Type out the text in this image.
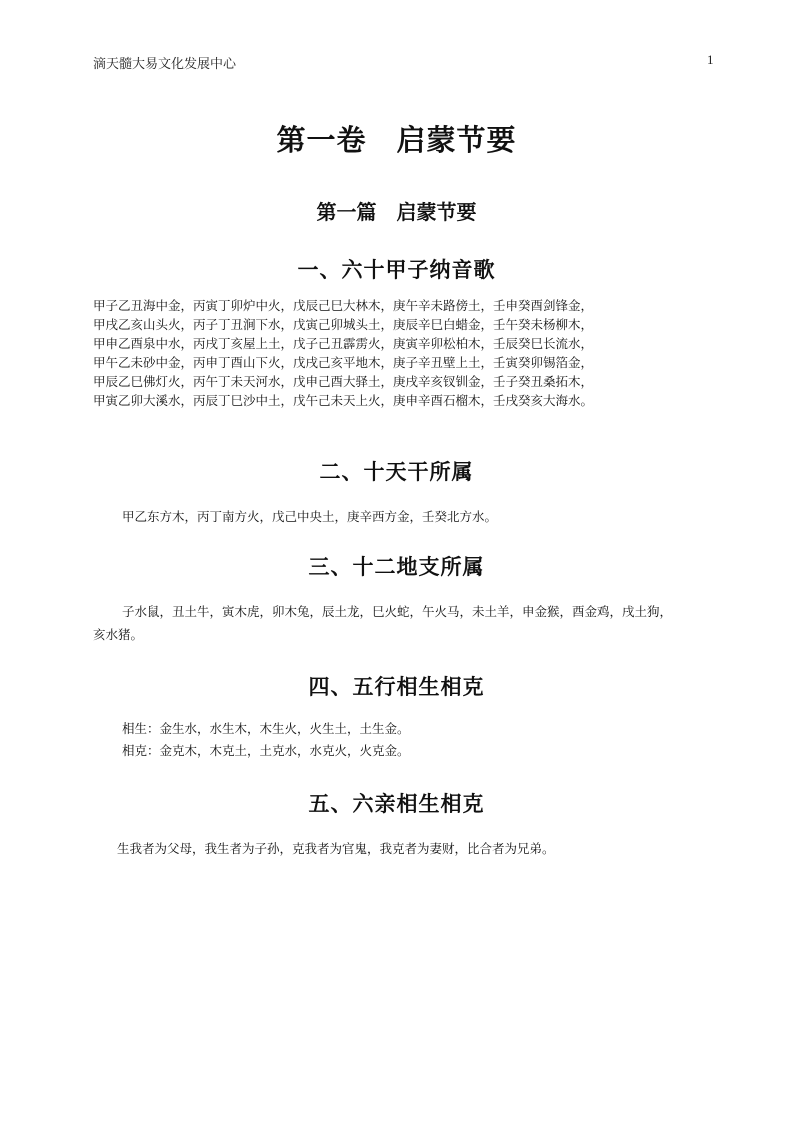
滴天髓大易文化发展中心	1
第一卷　启蒙节要
第一篇　启蒙节要
一、六十甲子纳音歌
甲子乙丑海中金，丙寅丁卯炉中火，戊辰己巳大林木，庚午辛未路傍土，壬申癸酉剑锋金，
甲戌乙亥山头火，丙子丁丑涧下水，戊寅己卯城头土，庚辰辛巳白蜡金，壬午癸未杨柳木，
甲申乙酉泉中水，丙戌丁亥屋上土，戊子己丑霹雳火，庚寅辛卯松柏木，壬辰癸巳长流水，
甲午乙未砂中金，丙申丁酉山下火，戊戌己亥平地木，庚子辛丑壁上土，壬寅癸卯锡箔金，
甲辰乙巳佛灯火，丙午丁未天河水，戊申己酉大驿土，庚戌辛亥钗钏金，壬子癸丑桑拓木，
甲寅乙卯大溪水，丙辰丁巳沙中土，戊午己未天上火，庚申辛酉石榴木，壬戌癸亥大海水。
二、十天干所属
甲乙东方木，丙丁南方火，戊己中央土，庚辛西方金，壬癸北方水。
三、十二地支所属
子水鼠，丑土牛，寅木虎，卯木兔，辰土龙，巳火蛇，午火马，未土羊，申金猴，酉金鸡，戌土狗，
亥水猪。
四、五行相生相克
相生：金生水，水生木，木生火，火生土，土生金。
相克：金克木，木克土，土克水，水克火，火克金。
五、六亲相生相克
生我者为父母，我生者为子孙，克我者为官鬼，我克者为妻财，比合者为兄弟。
